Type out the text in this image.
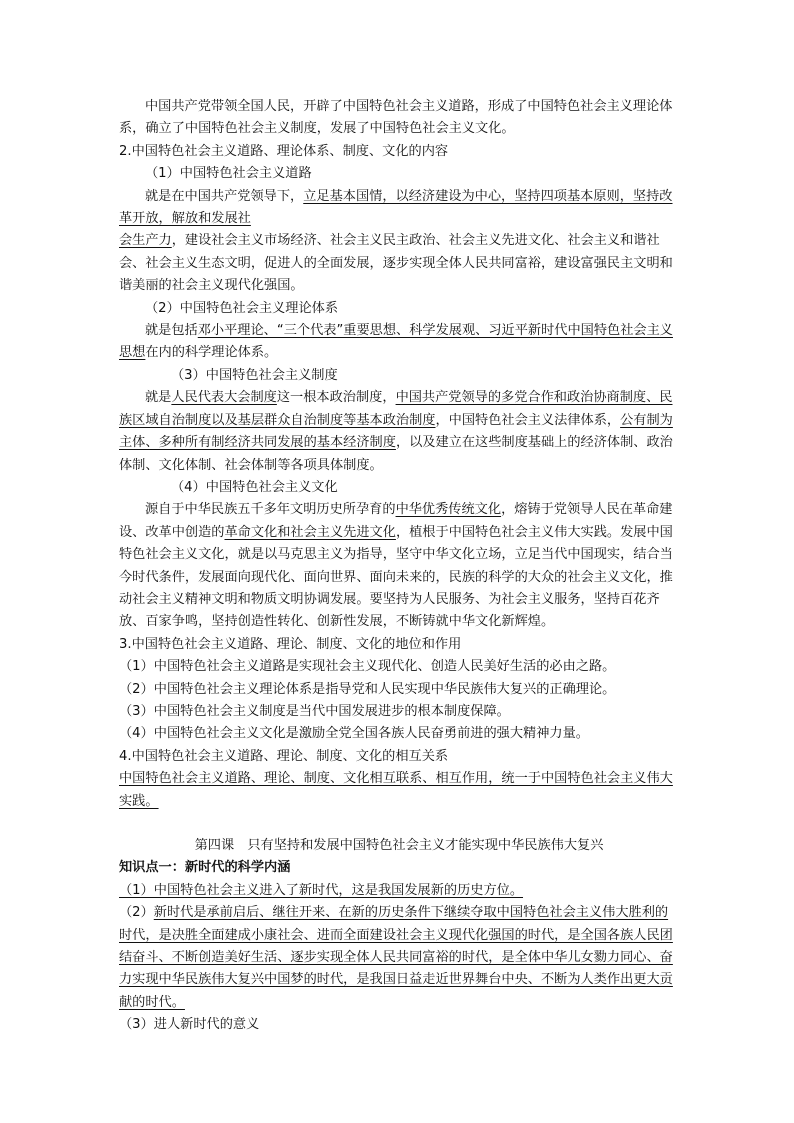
中国共产党带领全国人民，开辟了中国特色社会主义道路，形成了中国特色社会主义理论体系，确立了中国特色社会主义制度，发展了中国特色社会主义文化。

2.中国特色社会主义道路、理论体系、制度、文化的内容

（1）中国特色社会主义道路

就是在中国共产党领导下，立足基本国情，以经济建设为中心，坚持四项基本原则，坚持改革开放，解放和发展社
会生产力，建设社会主义市场经济、社会主义民主政治、社会主义先进文化、社会主义和谐社会、社会主义生态文明，促进人的全面发展，逐步实现全体人民共同富裕，建设富强民主文明和谐美丽的社会主义现代化强国。

（2）中国特色社会主义理论体系

就是包括邓小平理论、“三个代表”重要思想、科学发展观、习近平新时代中国特色社会主义思想在内的科学理论体系。

（3）中国特色社会主义制度

就是人民代表大会制度这一根本政治制度，中国共产党领导的多党合作和政治协商制度、民族区域自治制度以及基层群众自治制度等基本政治制度，中国特色社会主义法律体系，公有制为主体、多种所有制经济共同发展的基本经济制度，以及建立在这些制度基础上的经济体制、政治体制、文化体制、社会体制等各项具体制度。

（4）中国特色社会主义文化

源自于中华民族五千多年文明历史所孕育的中华优秀传统文化，熔铸于党领导人民在革命建设、改革中创造的革命文化和社会主义先进文化，植根于中国特色社会主义伟大实践。发展中国特色社会主义文化，就是以马克思主义为指导，坚守中华文化立场，立足当代中国现实，结合当今时代条件，发展面向现代化、面向世界、面向未来的，民族的科学的大众的社会主义文化，推动社会主义精神文明和物质文明协调发展。要坚持为人民服务、为社会主义服务，坚持百花齐放、百家争鸣，坚持创造性转化、创新性发展，不断铸就中华文化新辉煌。

3.中国特色社会主义道路、理论、制度、文化的地位和作用

（1）中国特色社会主义道路是实现社会主义现代化、创造人民美好生活的必由之路。

（2）中国特色社会主义理论体系是指导党和人民实现中华民族伟大复兴的正确理论。

（3）中国特色社会主义制度是当代中国发展进步的根本制度保障。

（4）中国特色社会主义文化是激励全党全国各族人民奋勇前进的强大精神力量。

4.中国特色社会主义道路、理论、制度、文化的相互关系

中国特色社会主义道路、理论、制度、文化相互联系、相互作用，统一于中国特色社会主义伟大实践。

第四课　只有坚持和发展中国特色社会主义才能实现中华民族伟大复兴

知识点一：新时代的科学内涵

（1）中国特色社会主义进入了新时代，这是我国发展新的历史方位。

（2）新时代是承前启后、继往开来、在新的历史条件下继续夺取中国特色社会主义伟大胜利的时代，是决胜全面建成小康社会、进而全面建设社会主义现代化强国的时代，是全国各族人民团结奋斗、不断创造美好生活、逐步实现全体人民共同富裕的时代，是全体中华儿女勠力同心、奋力实现中华民族伟大复兴中国梦的时代，是我国日益走近世界舞台中央、不断为人类作出更大贡献的时代。

（3）进人新时代的意义
